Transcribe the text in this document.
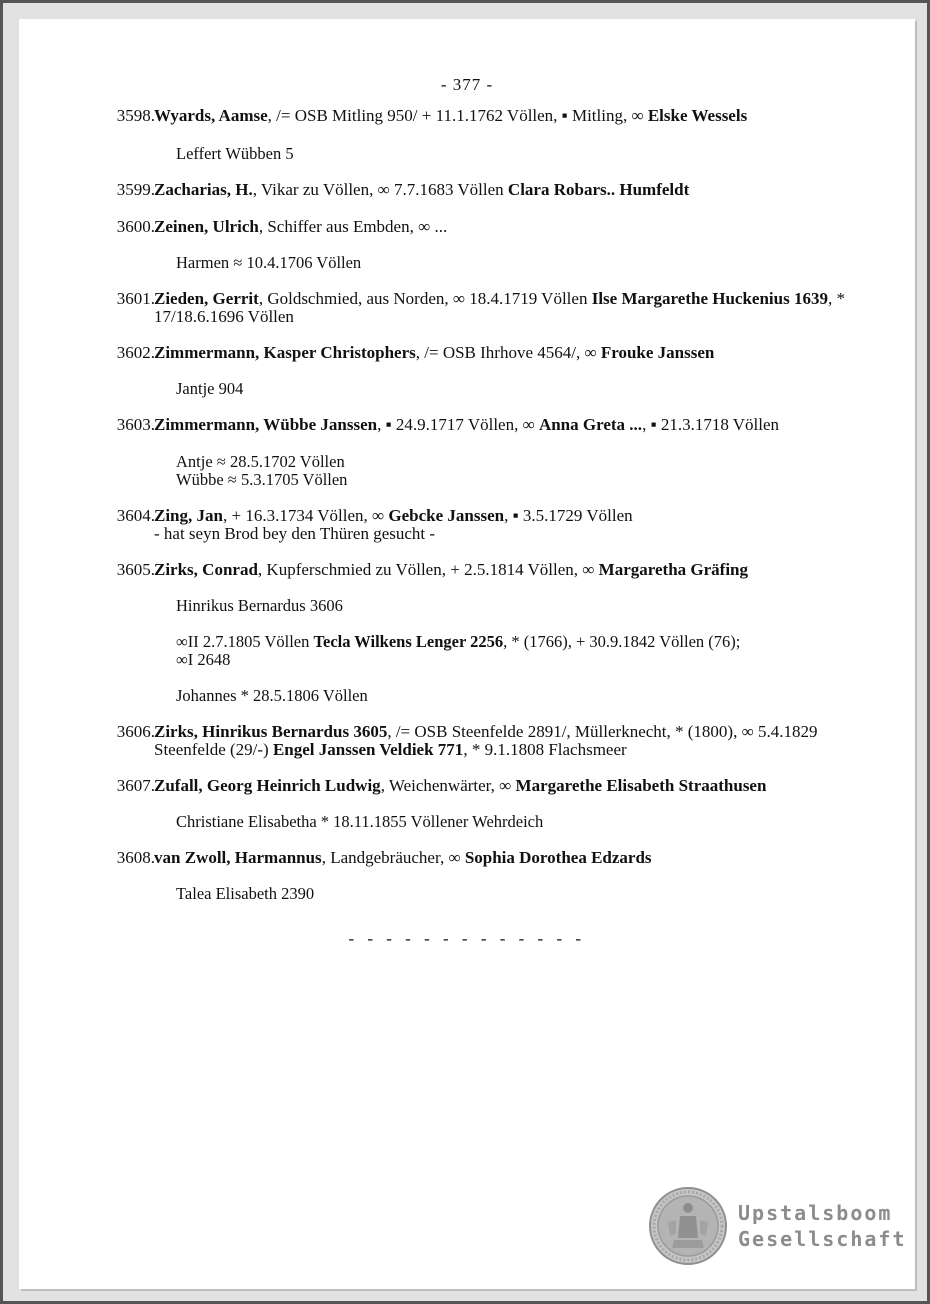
- 377 -
3598. Wyards, Aamse, /= OSB Mitling 950/ + 11.1.1762 Völlen, ▪ Mitling, ∞ Elske Wessels
Leffert Wübben 5
3599. Zacharias, H., Vikar zu Völlen, ∞ 7.7.1683 Völlen Clara Robars.. Humfeldt
3600. Zeinen, Ulrich, Schiffer aus Embden, ∞ ...
Harmen ≈ 10.4.1706 Völlen
3601. Zieden, Gerrit, Goldschmied, aus Norden, ∞ 18.4.1719 Völlen Ilse Margarethe Huckenius 1639, * 17/18.6.1696 Völlen
3602. Zimmermann, Kasper Christophers, /= OSB Ihrhove 4564/, ∞ Frouke Janssen
Jantje 904
3603. Zimmermann, Wübbe Janssen, ▪ 24.9.1717 Völlen, ∞ Anna Greta ..., ▪ 21.3.1718 Völlen
Antje ≈ 28.5.1702 Völlen
Wübbe ≈ 5.3.1705 Völlen
3604. Zing, Jan, + 16.3.1734 Völlen, ∞ Gebcke Janssen, ▪ 3.5.1729 Völlen
- hat seyn Brod bey den Thüren gesucht -
3605. Zirks, Conrad, Kupferschmied zu Völlen, + 2.5.1814 Völlen, ∞ Margaretha Gräfing
Hinrikus Bernardus 3606
∞II 2.7.1805 Völlen Tecla Wilkens Lenger 2256, * (1766), + 30.9.1842 Völlen (76);
∞I 2648
Johannes * 28.5.1806 Völlen
3606. Zirks, Hinrikus Bernardus 3605, /= OSB Steenfelde 2891/, Müllerknecht, * (1800), ∞ 5.4.1829 Steenfelde (29/-) Engel Janssen Veldiek 771, * 9.1.1808 Flachsmeer
3607. Zufall, Georg Heinrich Ludwig, Weichenwärter, ∞ Margarethe Elisabeth Straathusen
Christiane Elisabetha * 18.11.1855 Völlener Wehrdeich
3608. van Zwoll, Harmannus, Landgebräucher, ∞ Sophia Dorothea Edzards
Talea Elisabeth 2390
- - - - - - - - - - - - -
Upstalsboom
Gesellschaft
